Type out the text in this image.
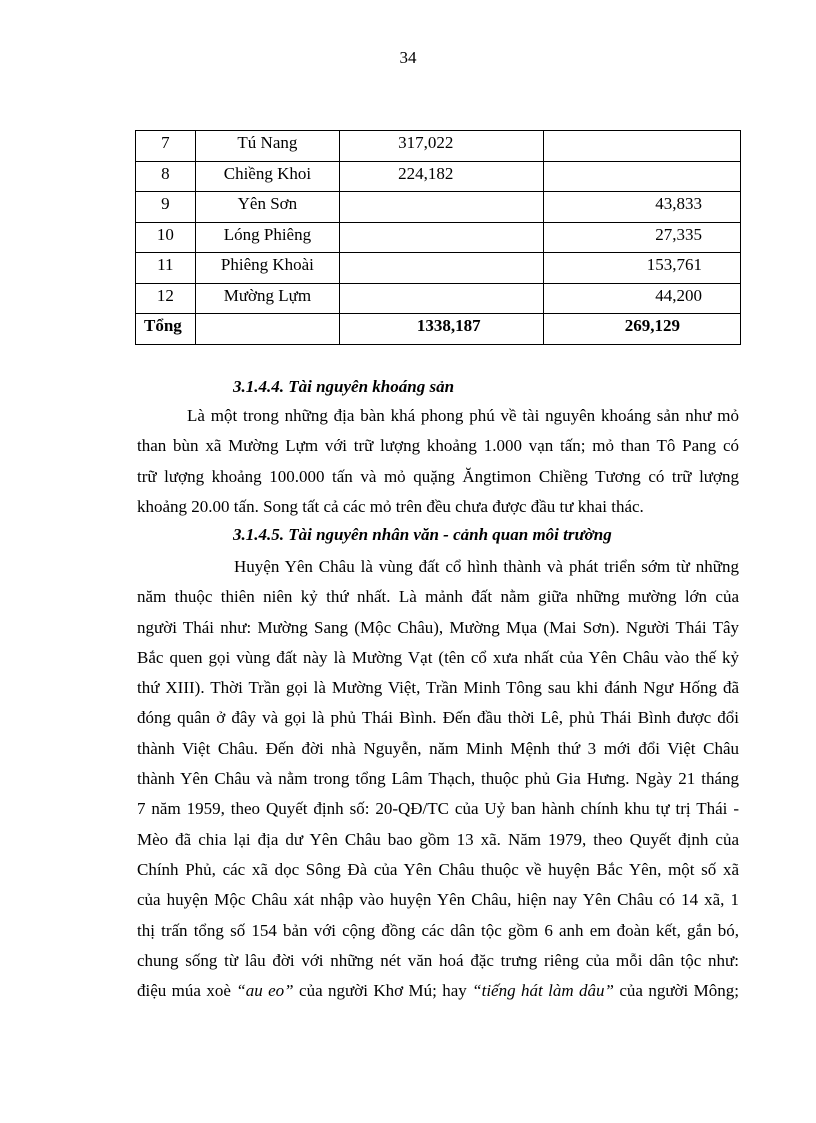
34
7	Tú Nang	317,022	
8	Chiềng Khoi	224,182	
9	Yên Sơn		43,833
10	Lóng Phiêng		27,335
11	Phiêng Khoài		153,761
12	Mường Lựm		44,200
Tổng		1338,187	269,129
3.1.4.4. Tài nguyên khoáng sản
Là một trong những địa bàn khá phong phú về tài nguyên khoáng sản như mỏ
than bùn xã Mường Lựm với trữ lượng khoảng 1.000 vạn tấn; mỏ than Tô Pang có
trữ lượng khoảng 100.000 tấn và mỏ quặng Ăngtimon Chiềng Tương có trữ lượng
khoảng 20.00 tấn. Song tất cả các mỏ trên đều chưa được đầu tư khai thác.
3.1.4.5. Tài nguyên nhân văn - cảnh quan môi trường
Huyện Yên Châu là vùng đất cổ hình thành và phát triển sớm từ những
năm thuộc thiên niên kỷ thứ nhất. Là mảnh đất nằm giữa những mường lớn của
người Thái như: Mường Sang (Mộc Châu), Mường Mụa (Mai Sơn). Người Thái Tây
Bắc quen gọi vùng đất này là Mường Vạt (tên cổ xưa nhất của Yên Châu vào thế kỷ
thứ XIII). Thời Trần gọi là Mường Việt, Trần Minh Tông sau khi đánh Ngư Hống đã
đóng quân ở đây và gọi là phủ Thái Bình. Đến đầu thời Lê, phủ Thái Bình được đổi
thành Việt Châu. Đến đời nhà Nguyễn, năm Minh Mệnh thứ 3 mới đổi Việt Châu
thành Yên Châu và nằm trong tổng Lâm Thạch, thuộc phủ Gia Hưng. Ngày 21 tháng
7 năm 1959, theo Quyết định số: 20-QĐ/TC của Uỷ ban hành chính khu tự trị Thái -
Mèo đã chia lại địa dư Yên Châu bao gồm 13 xã. Năm 1979, theo Quyết định của
Chính Phủ, các xã dọc Sông Đà của Yên Châu thuộc về huyện Bắc Yên, một số xã
của huyện Mộc Châu xát nhập vào huyện Yên Châu, hiện nay Yên Châu có 14 xã, 1
thị trấn tổng số 154 bản với cộng đồng các dân tộc gồm 6 anh em đoàn kết, gắn bó,
chung sống từ lâu đời với những nét văn hoá đặc trưng riêng của mỗi dân tộc như:
điệu múa xoè “au eo” của người Khơ Mú; hay “tiếng hát làm dâu” của người Mông;
